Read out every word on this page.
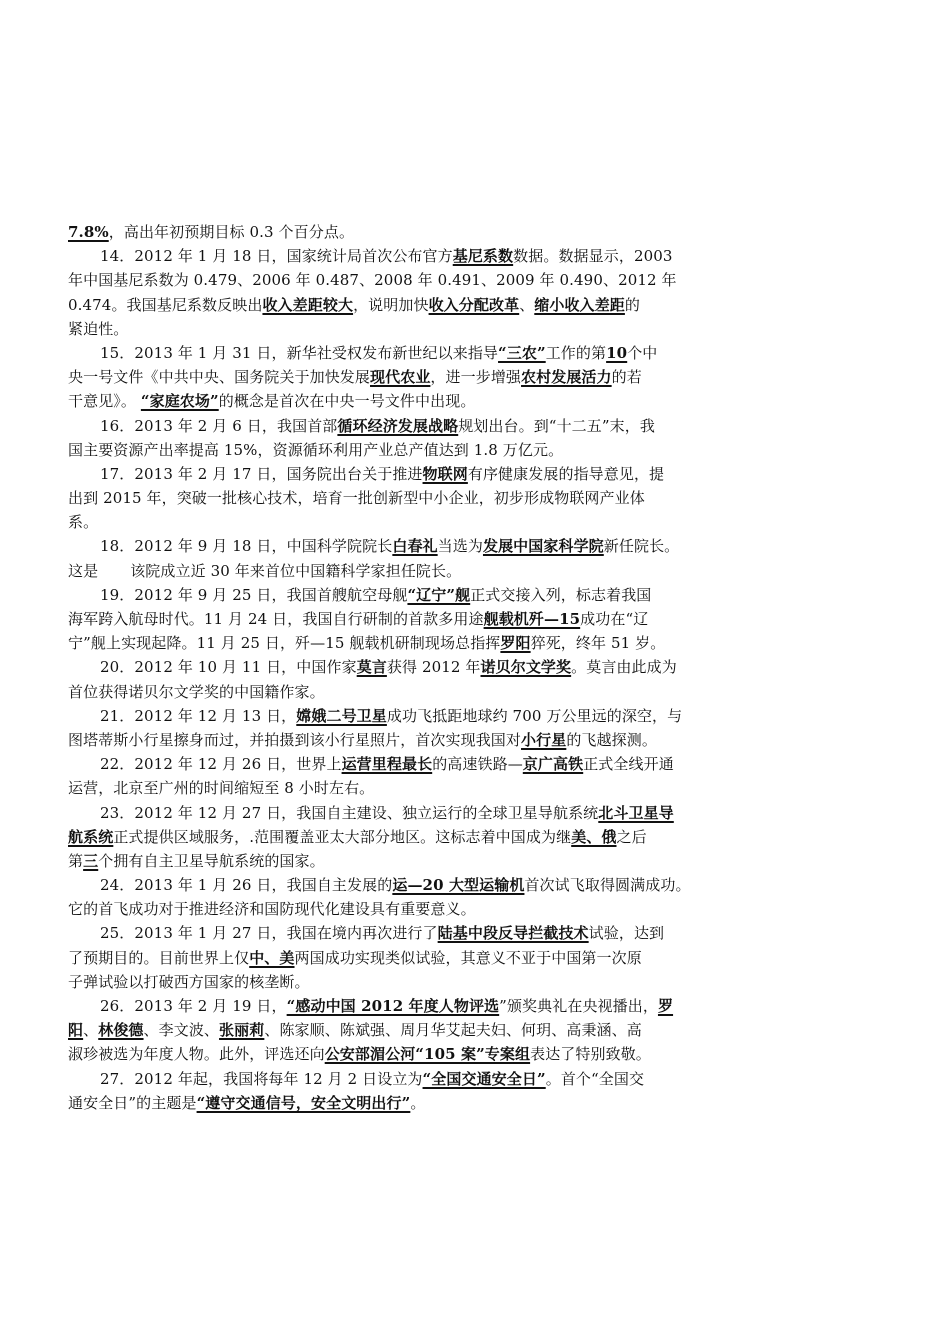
7.8%，高出年初预期目标 0.3 个百分点。
14．2012 年 1 月 18 日，国家统计局首次公布官方基尼系数数据。数据显示，2003
年中国基尼系数为 0.479、2006 年 0.487、2008 年 0.491、2009 年 0.490、2012 年
0.474。我国基尼系数反映出收入差距较大，说明加快收入分配改革、缩小收入差距的
紧迫性。
15．2013 年 1 月 31 日，新华社受权发布新世纪以来指导“三农”工作的第10个中
央一号文件《中共中央、国务院关于加快发展现代农业，进一步增强农村发展活力的若
干意见》。 “家庭农场”的概念是首次在中央一号文件中出现。
16．2013 年 2 月 6 日，我国首部循环经济发展战略规划出台。到“十二五”末，我
国主要资源产出率提高 15%，资源循环利用产业总产值达到 1.8 万亿元。
17．2013 年 2 月 17 日，国务院出台关于推进物联网有序健康发展的指导意见，提
出到 2015 年，突破一批核心技术，培育一批创新型中小企业，初步形成物联网产业体
系。
18．2012 年 9 月 18 日，中国科学院院长白春礼当选为发展中国家科学院新任院长。
这是 该院成立近 30 年来首位中国籍科学家担任院长。
19．2012 年 9 月 25 日，我国首艘航空母舰“辽宁”舰正式交接入列，标志着我国
海军跨入航母时代。11 月 24 日，我国自行研制的首款多用途舰载机歼—15成功在“辽
宁”舰上实现起降。11 月 25 日，歼—15 舰载机研制现场总指挥罗阳猝死，终年 51 岁。
20．2012 年 10 月 11 日，中国作家莫言获得 2012 年诺贝尔文学奖。莫言由此成为
首位获得诺贝尔文学奖的中国籍作家。
21．2012 年 12 月 13 日，嫦娥二号卫星成功飞抵距地球约 700 万公里远的深空，与
图塔蒂斯小行星擦身而过，并拍摄到该小行星照片，首次实现我国对小行星的飞越探测。
22．2012 年 12 月 26 日，世界上运营里程最长的高速铁路—京广高铁正式全线开通
运营，北京至广州的时间缩短至 8 小时左右。
23．2012 年 12 月 27 日，我国自主建设、独立运行的全球卫星导航系统北斗卫星导
航系统正式提供区域服务，.范围覆盖亚太大部分地区。这标志着中国成为继美、俄之后
第三个拥有自主卫星导航系统的国家。
24．2013 年 1 月 26 日，我国自主发展的运—20 大型运输机首次试飞取得圆满成功。
它的首飞成功对于推进经济和国防现代化建设具有重要意义。
25．2013 年 1 月 27 日，我国在境内再次进行了陆基中段反导拦截技术试验，达到
了预期目的。目前世界上仅中、美两国成功实现类似试验，其意义不亚于中国第一次原
子弹试验以打破西方国家的核垄断。
26．2013 年 2 月 19 日，“感动中国 2012 年度人物评选”颁奖典礼在央视播出，罗
阳、林俊德、李文波、张丽莉、陈家顺、陈斌强、周月华艾起夫妇、何玥、高秉涵、高
淑珍被选为年度人物。此外，评选还向公安部湄公河“105 案”专案组表达了特别致敬。
27．2012 年起，我国将每年 12 月 2 日设立为“全国交通安全日”。首个“全国交
通安全日”的主题是“遵守交通信号，安全文明出行”。
